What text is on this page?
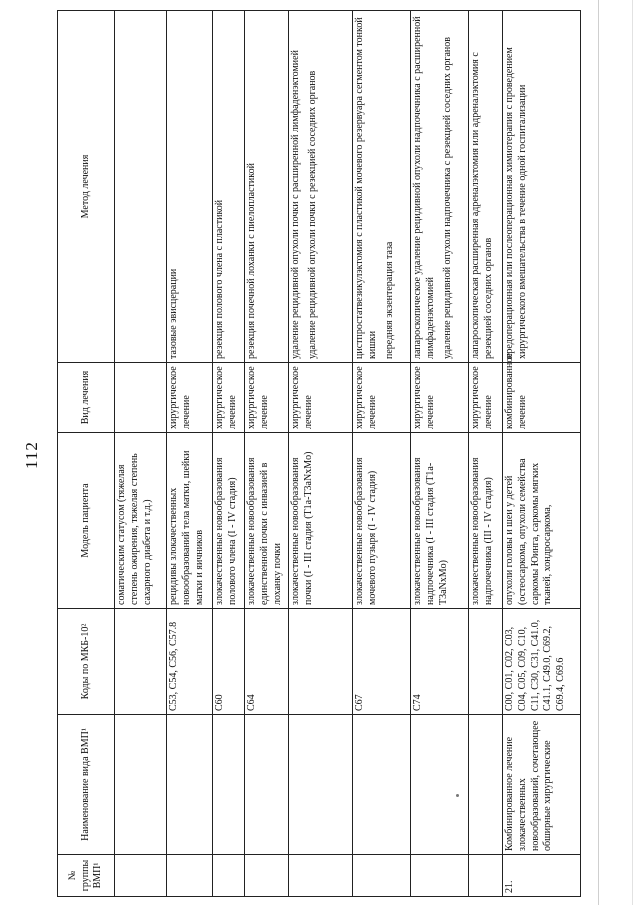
112
№ группы ВМП¹	Наименование вида ВМП¹	Коды по МКБ-10²	Модель пациента	Вид лечения	Метод лечения
			соматическим статусом (тяжелая степень ожирения, тяжелая степень сахарного диабета и т.д.)		
		C53, C54, C56, C57.8	рецидивы злокачественных новообразований тела матки, шейки матки и яичников	хирургическое лечение	тазовые эвисцерации
		C60	злокачественные новообразования полового члена (I - IV стадия)	хирургическое лечение	резекция полового члена с пластикой
		C64	злокачественные новообразования единственной почки с инвазией в лоханку почки	хирургическое лечение	резекция почечной лоханки с пиелопластикой
			злокачественные новообразования почки (I - III стадия (T1a-T3aNxMo)	хирургическое лечение	удаление рецидивной опухоли почки с расширенной лимфаденэктомией удаление рецидивной опухоли почки с резекцией соседних органов

		C67	злокачественные новообразования мочевого пузыря (I - IV стадия)	хирургическое лечение	цистпростатвезикулэктомия с пластикой мочевого резервуара сегментом тонкой кишки передняя экзентерация таза

		C74	злокачественные новообразования надпочечника (I - III стадия (T1a-T3aNxMo)	хирургическое лечение	лапароскопическое удаление рецидивной опухоли надпочечника с расширенной лимфаденэктомией удаление рецидивной опухоли надпочечника с резекцией соседних органов

			злокачественные новообразования надпочечника (III - IV стадия)	хирургическое лечение	лапароскопическая расширенная адреналэктомия или адреналэктомия с резекцией соседних органов
21.	Комбинированное лечение злокачественных новообразований, сочетающее обширные хирургические	C00, C01, C02, C03, C04, C05, C09, C10, C11, C30, C31, C41.0, C41.1, C49.0, C69.2, C69.4, C69.6	опухоли головы и шеи у детей (остеосаркома, опухоли семейства саркомы Юинга, саркомы мягких тканей, хондросаркома,	комбинированное лечение	предоперационная или послеоперационная химиотерапия с проведением хирургического вмешательства в течение одной госпитализации
